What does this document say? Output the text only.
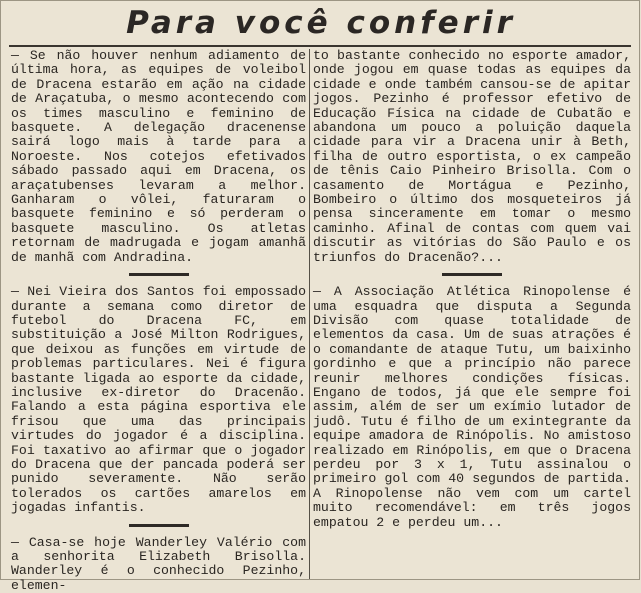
Para você conferir

— Se não houver nenhum adiamento de última hora, as equipes de voleibol de Dracena estarão em ação na cidade de Araçatuba, o mesmo acontecendo com os times masculino e feminino de basquete. A delegação dracenense sairá logo mais à tarde para a Noroeste. Nos cotejos efetivados sábado passado aqui em Dracena, os araçatubenses levaram a melhor. Ganharam o vôlei, faturaram o basquete feminino e só perderam o basquete masculino. Os atletas retornam de madrugada e jogam amanhã de manhã com Andradina.

— Nei Vieira dos Santos foi empossado durante a semana como diretor de futebol do Dracena FC, em substituição a José Milton Rodrigues, que deixou as funções em virtude de problemas particulares. Nei é figura bastante ligada ao esporte da cidade, inclusive ex-diretor do Dracenão. Falando a esta página esportiva ele frisou que uma das principais virtudes do jogador é a disciplina. Foi taxativo ao afirmar que o jogador do Dracena que der pancada poderá ser punido severamente. Não serão tolerados os cartões amarelos em jogadas infantis.

— Casa-se hoje Wanderley Valério com a senhorita Elizabeth Brisolla. Wanderley é o conhecido Pezinho, elemen-

to bastante conhecido no esporte amador, onde jogou em quase todas as equipes da cidade e onde também cansou-se de apitar jogos. Pezinho é professor efetivo de Educação Física na cidade de Cubatão e abandona um pouco a poluição daquela cidade para vir a Dracena unir à Beth, filha de outro esportista, o ex campeão de tênis Caio Pinheiro Brisolla. Com o casamento de Mortágua e Pezinho, Bombeiro o último dos mosqueteiros já pensa sinceramente em tomar o mesmo caminho. Afinal de contas com quem vai discutir as vitórias do São Paulo e os triunfos do Dracenão?...

— A Associação Atlética Rinopolense é uma esquadra que disputa a Segunda Divisão com quase totalidade de elementos da casa. Um de suas atrações é o comandante de ataque Tutu, um baixinho gordinho e que a princípio não parece reunir melhores condições físicas. Engano de todos, já que ele sempre foi assim, além de ser um exímio lutador de judô. Tutu é filho de um exintegrante da equipe amadora de Rinópolis. No amistoso realizado em Rinópolis, em que o Dracena perdeu por 3 x 1, Tutu assinalou o primeiro gol com 40 segundos de partida. A Rinopolense não vem com um cartel muito recomendável: em três jogos empatou 2 e perdeu um...
